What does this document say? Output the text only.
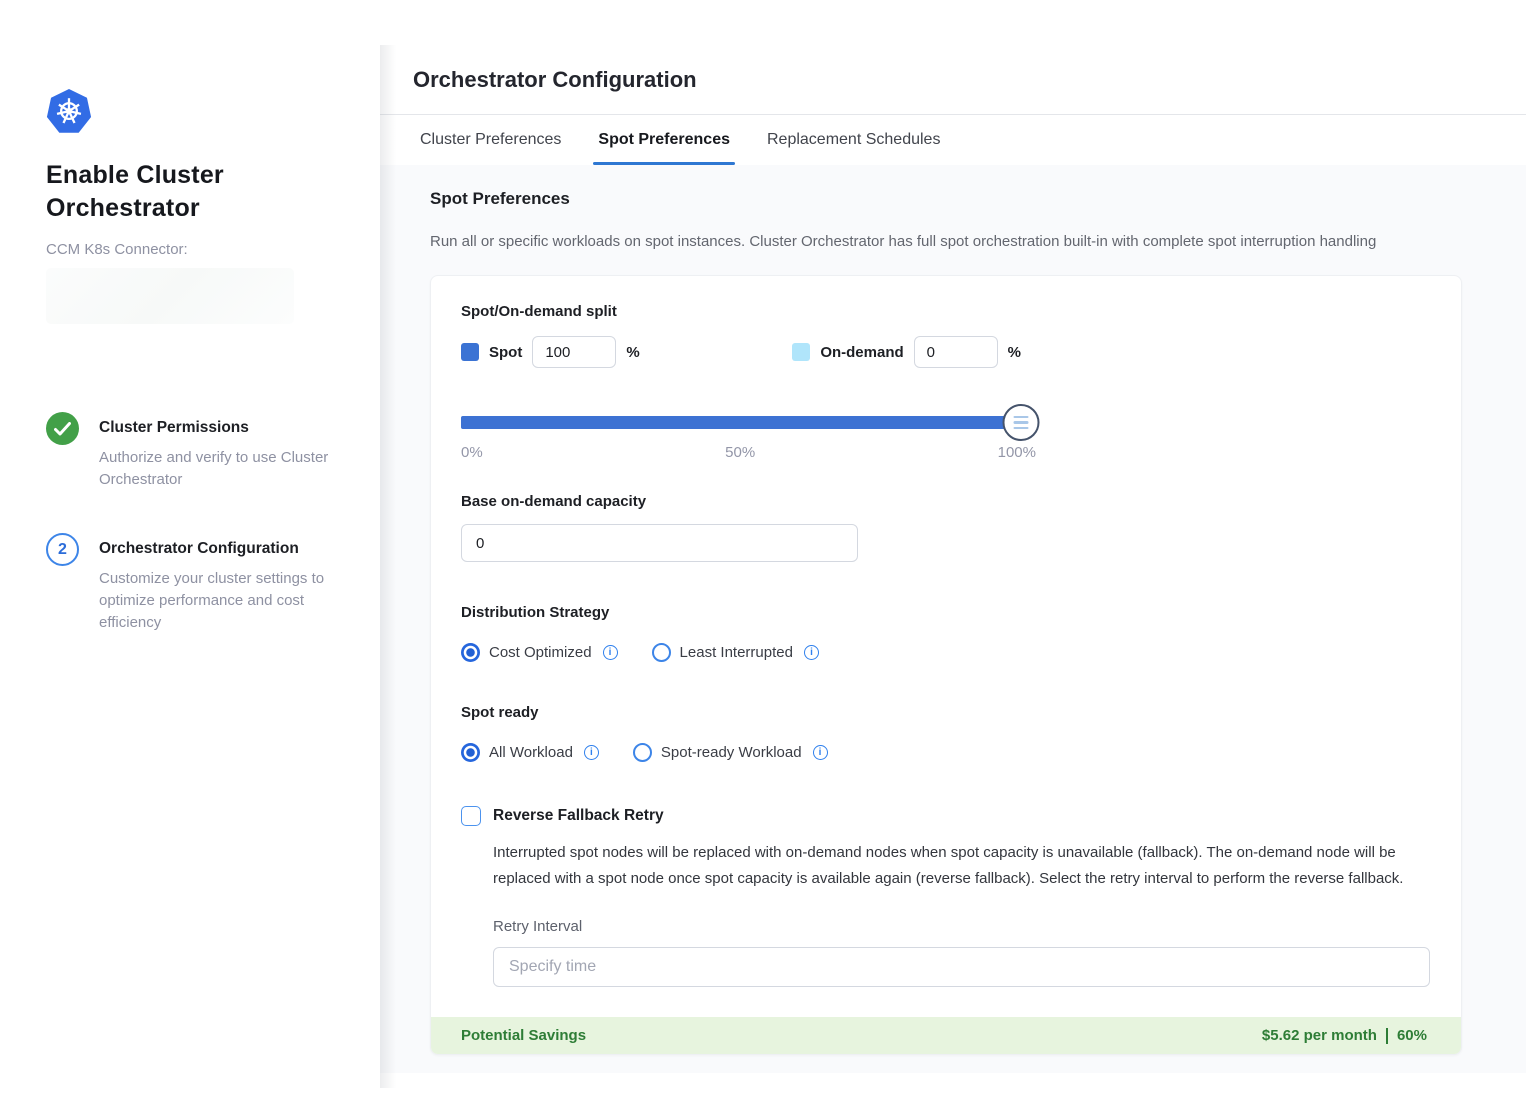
Enable Cluster Orchestrator
CCM K8s Connector:
Cluster Permissions
Authorize and verify to use Cluster Orchestrator
2	Orchestrator Configuration
Customize your cluster settings to optimize performance and cost efficiency
Orchestrator Configuration
Cluster Preferences Spot Preferences Replacement Schedules
Spot Preferences
Run all or specific workloads on spot instances. Cluster Orchestrator has full spot orchestration built-in with complete spot interruption handling
Spot/On-demand split
Spot
100	%	On-demand
0	%
0%	50%	100%
Base on-demand capacity
0
Distribution Strategy
Cost Optimized	i	Least Interrupted	i
Spot ready
All Workload	i	Spot-ready Workload	i
Reverse Fallback Retry

Interrupted spot nodes will be replaced with on-demand nodes when spot capacity is unavailable (fallback). The on-demand node will be replaced with a spot node once spot capacity is available again (reverse fallback). Select the retry interval to perform the reverse fallback.

Retry Interval
Specify time
Potential Savings	$5.62 per month 60%
